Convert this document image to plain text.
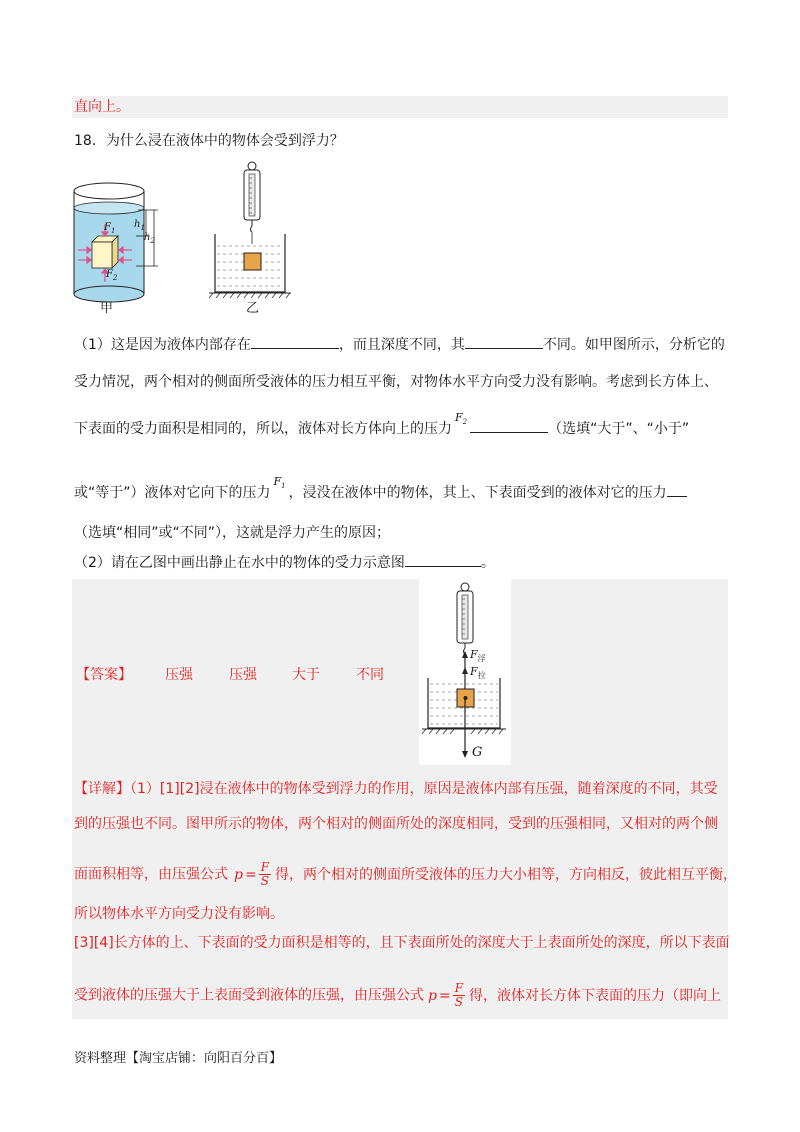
直向上。
18．为什么浸在液体中的物体会受到浮力？
$F_1$
$F_2$
$h_1$
$h_2$
甲	乙
（1）这是因为液体内部存在	，而且深度不同，其	不同。如甲图所示，分析它的
受力情况，两个相对的侧面所受液体的压力相互平衡，对物体水平方向受力没有影响。考虑到长方体上、
下表面的受力面积是相同的，所以，液体对长方体向上的压力$^{F_2}$	（选填“大于”、“小于”
或“等于”）液体对它向下的压力$^{F_1}$ ，浸没在液体中的物体，其上、下表面受到的液体对它的压力
（选填“相同”或“不同”），这就是浮力产生的原因；
（2）请在乙图中画出静止在水中的物体的受力示意图	。
【答案】 压强	压强	大于	不同
$F_浮$
$F_拉$
G
【详解】（1）[1][2]浸在液体中的物体受到浮力的作用，原因是液体内部有压强，随着深度的不同，其受
到的压强也不同。图甲所示的物体，两个相对的侧面所处的深度相同，受到的压强相同，又相对的两个侧
面面积相等，由压强公式 $p = \frac{F}{S}$ 得，两个相对的侧面所受液体的压力大小相等，方向相反，彼此相互平衡，
所以物体水平方向受力没有影响。
[3][4]长方体的上、下表面的受力面积是相等的，且下表面所处的深度大于上表面所处的深度，所以下表面
受到液体的压强大于上表面受到液体的压强，由压强公式 $p = \frac{F}{S}$ 得，液体对长方体下表面的压力（即向上
资料整理【淘宝店铺：向阳百分百】
